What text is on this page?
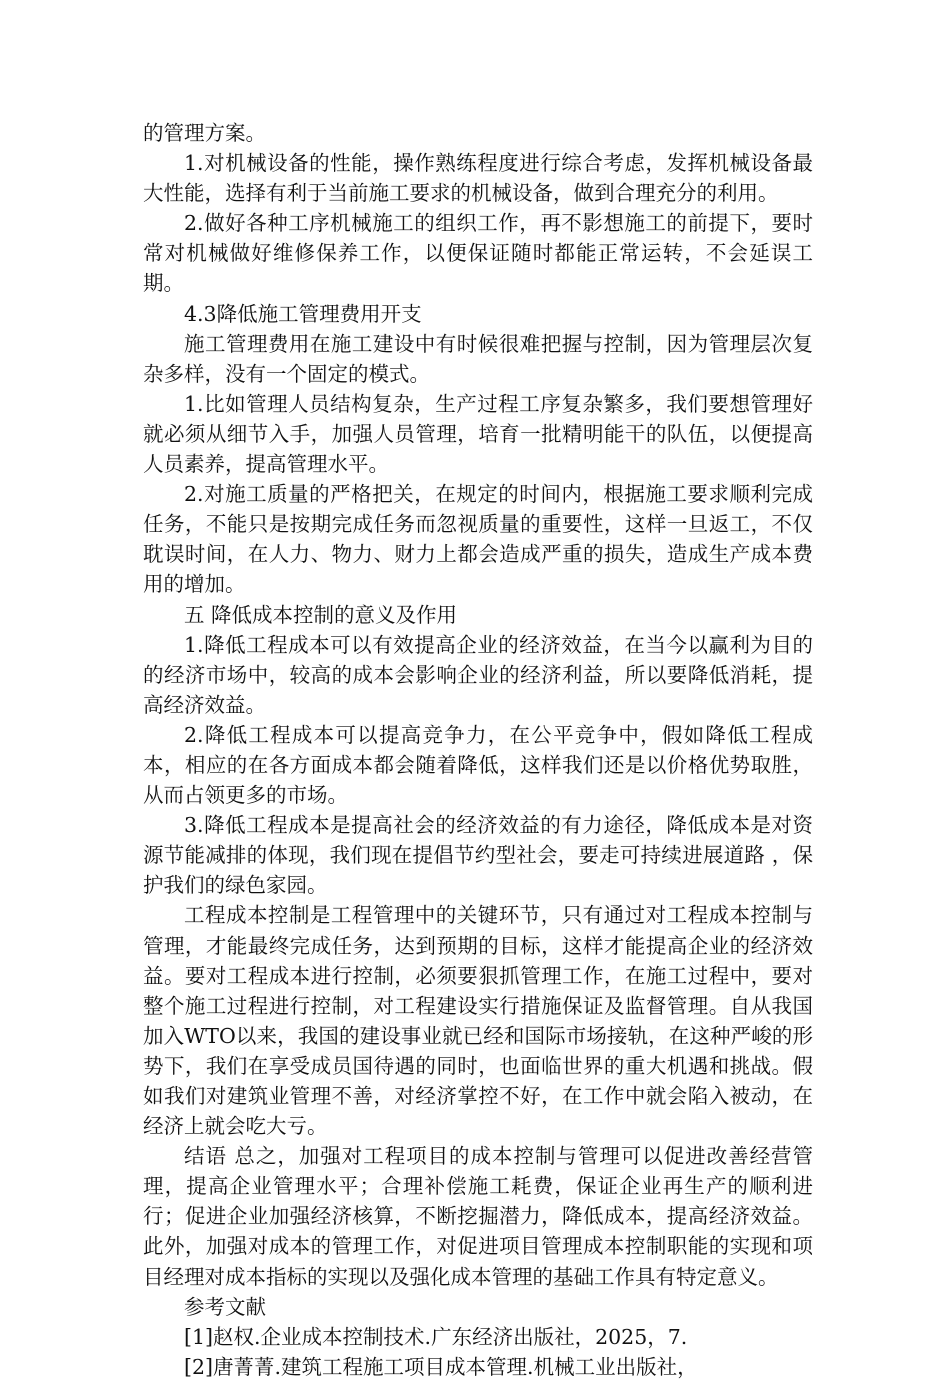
的管理方案。

1.对机械设备的性能，操作熟练程度进行综合考虑，发挥机械设备最大性能，选择有利于当前施工要求的机械设备，做到合理充分的利用。

2.做好各种工序机械施工的组织工作，再不影想施工的前提下，要时常对机械做好维修保养工作，以便保证随时都能正常运转，不会延误工期。

4.3降低施工管理费用开支

施工管理费用在施工建设中有时候很难把握与控制，因为管理层次复杂多样，没有一个固定的模式。

1.比如管理人员结构复杂，生产过程工序复杂繁多，我们要想管理好就必须从细节入手，加强人员管理，培育一批精明能干的队伍，以便提高人员素养，提高管理水平。

2.对施工质量的严格把关，在规定的时间内，根据施工要求顺利完成任务，不能只是按期完成任务而忽视质量的重要性，这样一旦返工，不仅耽误时间，在人力、物力、财力上都会造成严重的损失，造成生产成本费用的增加。

五 降低成本控制的意义及作用

1.降低工程成本可以有效提高企业的经济效益，在当今以赢利为目的的经济市场中，较高的成本会影响企业的经济利益，所以要降低消耗，提高经济效益。

2.降低工程成本可以提高竞争力，在公平竞争中，假如降低工程成本，相应的在各方面成本都会随着降低，这样我们还是以价格优势取胜，从而占领更多的市场。

3.降低工程成本是提高社会的经济效益的有力途径，降低成本是对资源节能减排的体现，我们现在提倡节约型社会，要走可持续进展道路 ，保护我们的绿色家园。

工程成本控制是工程管理中的关键环节，只有通过对工程成本控制与管理，才能最终完成任务，达到预期的目标，这样才能提高企业的经济效益。要对工程成本进行控制，必须要狠抓管理工作，在施工过程中，要对整个施工过程进行控制，对工程建设实行措施保证及监督管理。自从我国加入WTO以来，我国的建设事业就已经和国际市场接轨，在这种严峻的形势下，我们在享受成员国待遇的同时，也面临世界的重大机遇和挑战。假如我们对建筑业管理不善，对经济掌控不好，在工作中就会陷入被动，在经济上就会吃大亏。

结语 总之，加强对工程项目的成本控制与管理可以促进改善经营管理，提高企业管理水平；合理补偿施工耗费，保证企业再生产的顺利进行；促进企业加强经济核算，不断挖掘潜力，降低成本，提高经济效益。此外，加强对成本的管理工作，对促进项目管理成本控制职能的实现和项目经理对成本指标的实现以及强化成本管理的基础工作具有特定意义。

参考文献

[1]赵权.企业成本控制技术.广东经济出版社，2025，7.

[2]唐菁菁.建筑工程施工项目成本管理.机械工业出版社，
